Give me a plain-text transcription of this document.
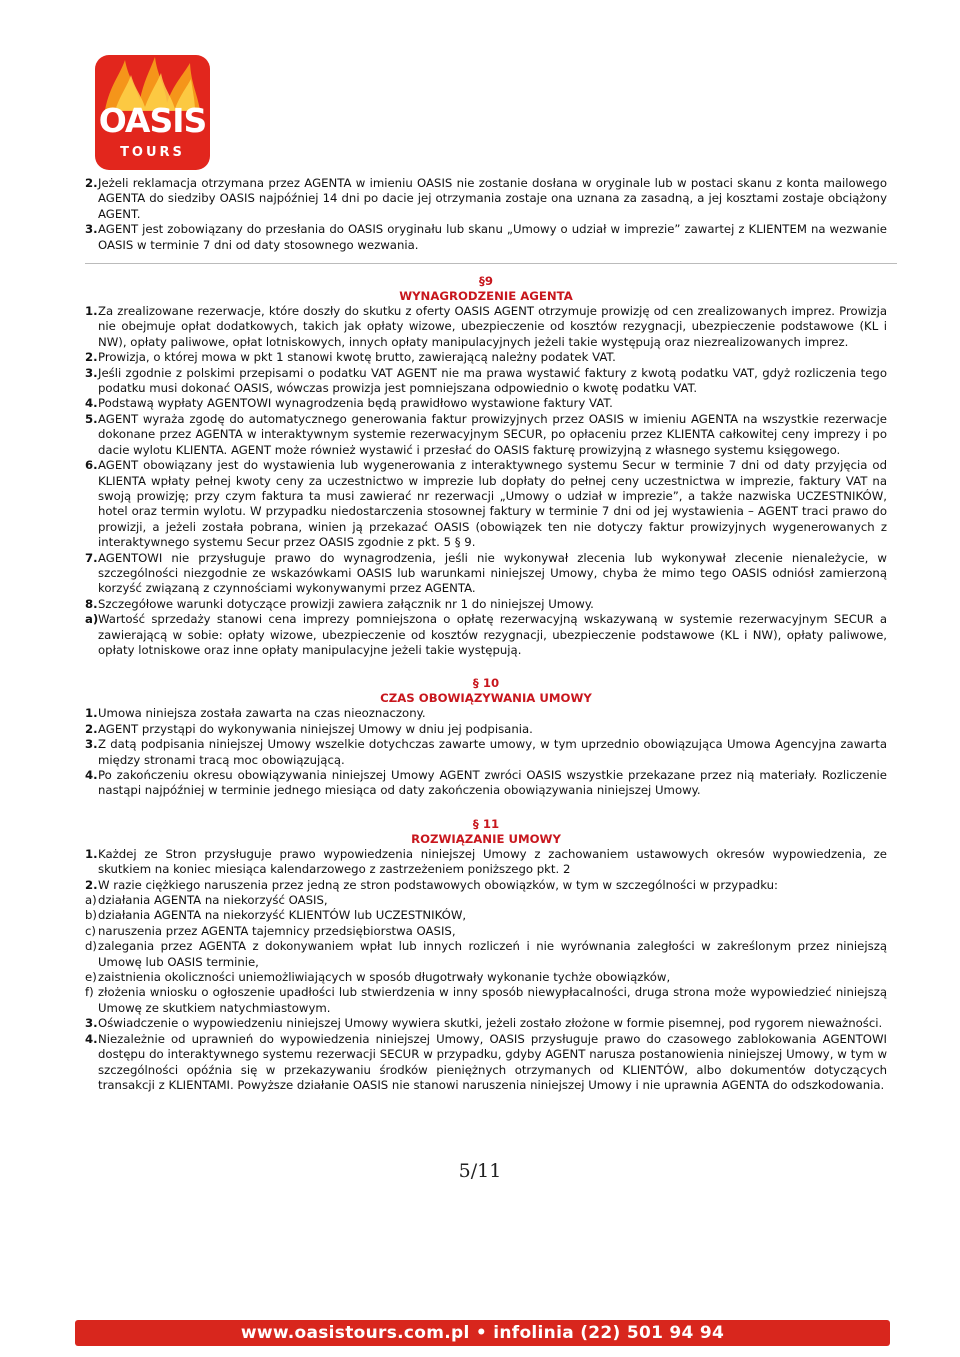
OASIS
TOURS

2. Jeżeli reklamacja otrzymana przez AGENTA w imieniu OASIS nie zostanie dosłana w oryginale lub w postaci skanu z konta mailowego AGENTA do siedziby OASIS najpóźniej 14 dni po dacie jej otrzymania zostaje ona uznana za zasadną, a jej kosztami zostaje obciążony AGENT.

3. AGENT jest zobowiązany do przesłania do OASIS oryginału lub skanu „Umowy o udział w imprezie” zawartej z KLIENTEM na wezwanie OASIS w terminie 7 dni od daty stosownego wezwania.

§9

WYNAGRODZENIE AGENTA

1. Za zrealizowane rezerwacje, które doszły do skutku z oferty OASIS AGENT otrzymuje prowizję od cen zrealizowanych imprez. Prowizja nie obejmuje opłat dodatkowych, takich jak opłaty wizowe, ubezpieczenie od kosztów rezygnacji, ubezpieczenie podstawowe (KL i NW), opłaty paliwowe, opłat lotniskowych, innych opłaty manipulacyjnych jeżeli takie występują oraz niezrealizowanych imprez.

2. Prowizja, o której mowa w pkt 1 stanowi kwotę brutto, zawierającą należny podatek VAT.

3. Jeśli zgodnie z polskimi przepisami o podatku VAT AGENT nie ma prawa wystawić faktury z kwotą podatku VAT, gdyż rozliczenia tego podatku musi dokonać OASIS, wówczas prowizja jest pomniejszana odpowiednio o kwotę podatku VAT.

4. Podstawą wypłaty AGENTOWI wynagrodzenia będą prawidłowo wystawione faktury VAT.

5. AGENT wyraża zgodę do automatycznego generowania faktur prowizyjnych przez OASIS w imieniu AGENTA na wszystkie rezerwacje dokonane przez AGENTA w interaktywnym systemie rezerwacyjnym SECUR, po opłaceniu przez KLIENTA całkowitej ceny imprezy i po dacie wylotu KLIENTA. AGENT może również wystawić i przesłać do OASIS fakturę prowizyjną z własnego systemu księgowego.

6. AGENT obowiązany jest do wystawienia lub wygenerowania z interaktywnego systemu Secur w terminie 7 dni od daty przyjęcia od KLIENTA wpłaty pełnej kwoty ceny za uczestnictwo w imprezie lub dopłaty do pełnej ceny uczestnictwa w imprezie, faktury VAT na swoją prowizję; przy czym faktura ta musi zawierać nr rezerwacji „Umowy o udział w imprezie”, a także nazwiska UCZESTNIKÓW, hotel oraz termin wylotu. W przypadku niedostarczenia stosownej faktury w terminie 7 dni od jej wystawienia – AGENT traci prawo do prowizji, a jeżeli została pobrana, winien ją przekazać OASIS (obowiązek ten nie dotyczy faktur prowizyjnych wygenerowanych z interaktywnego systemu Secur przez OASIS zgodnie z pkt. 5 § 9.

7. AGENTOWI nie przysługuje prawo do wynagrodzenia, jeśli nie wykonywał zlecenia lub wykonywał zlecenie nienależycie, w szczególności niezgodnie ze wskazówkami OASIS lub warunkami niniejszej Umowy, chyba że mimo tego OASIS odniósł zamierzoną korzyść związaną z czynnościami wykonywanymi przez AGENTA.

8. Szczegółowe warunki dotyczące prowizji zawiera załącznik nr 1 do niniejszej Umowy.

a) Wartość sprzedaży stanowi cena imprezy pomniejszona o opłatę rezerwacyjną wskazywaną w systemie rezerwacyjnym SECUR a zawierającą w sobie: opłaty wizowe, ubezpieczenie od kosztów rezygnacji, ubezpieczenie podstawowe (KL i NW), opłaty paliwowe, opłaty lotniskowe oraz inne opłaty manipulacyjne jeżeli takie występują.

§ 10

CZAS OBOWIĄZYWANIA UMOWY

1. Umowa niniejsza została zawarta na czas nieoznaczony.

2. AGENT przystąpi do wykonywania niniejszej Umowy w dniu jej podpisania.

3. Z datą podpisania niniejszej Umowy wszelkie dotychczas zawarte umowy, w tym uprzednio obowiązująca Umowa Agencyjna zawarta między stronami tracą moc obowiązującą.

4. Po zakończeniu okresu obowiązywania niniejszej Umowy AGENT zwróci OASIS wszystkie przekazane przez nią materiały. Rozliczenie nastąpi najpóźniej w terminie jednego miesiąca od daty zakończenia obowiązywania niniejszej Umowy.

§ 11

ROZWIĄZANIE UMOWY

1. Każdej ze Stron przysługuje prawo wypowiedzenia niniejszej Umowy z zachowaniem ustawowych okresów wypowiedzenia, ze skutkiem na koniec miesiąca kalendarzowego z zastrzeżeniem poniższego pkt. 2

2. W razie ciężkiego naruszenia przez jedną ze stron podstawowych obowiązków, w tym w szczególności w przypadku:

a) działania AGENTA na niekorzyść OASIS,

b) działania AGENTA na niekorzyść KLIENTÓW lub UCZESTNIKÓW,

c) naruszenia przez AGENTA tajemnicy przedsiębiorstwa OASIS,

d) zalegania przez AGENTA z dokonywaniem wpłat lub innych rozliczeń i nie wyrównania zaległości w zakreślonym przez niniejszą Umowę lub OASIS terminie,

e) zaistnienia okoliczności uniemożliwiających w sposób długotrwały wykonanie tychże obowiązków,

f) złożenia wniosku o ogłoszenie upadłości lub stwierdzenia w inny sposób niewypłacalności, druga strona może wypowiedzieć niniejszą Umowę ze skutkiem natychmiastowym.

3. Oświadczenie o wypowiedzeniu niniejszej Umowy wywiera skutki, jeżeli zostało złożone w formie pisemnej, pod rygorem nieważności.

4. Niezależnie od uprawnień do wypowiedzenia niniejszej Umowy, OASIS przysługuje prawo do czasowego zablokowania AGENTOWI dostępu do interaktywnego systemu rezerwacji SECUR w przypadku, gdyby AGENT narusza postanowienia niniejszej Umowy, w tym w szczególności opóźnia się w przekazywaniu środków pieniężnych otrzymanych od KLIENTÓW, albo dokumentów dotyczących transakcji z KLIENTAMI. Powyższe działanie OASIS nie stanowi naruszenia niniejszej Umowy i nie uprawnia AGENTA do odszkodowania.

5/11
www.oasistours.com.pl • infolinia (22) 501 94 94
